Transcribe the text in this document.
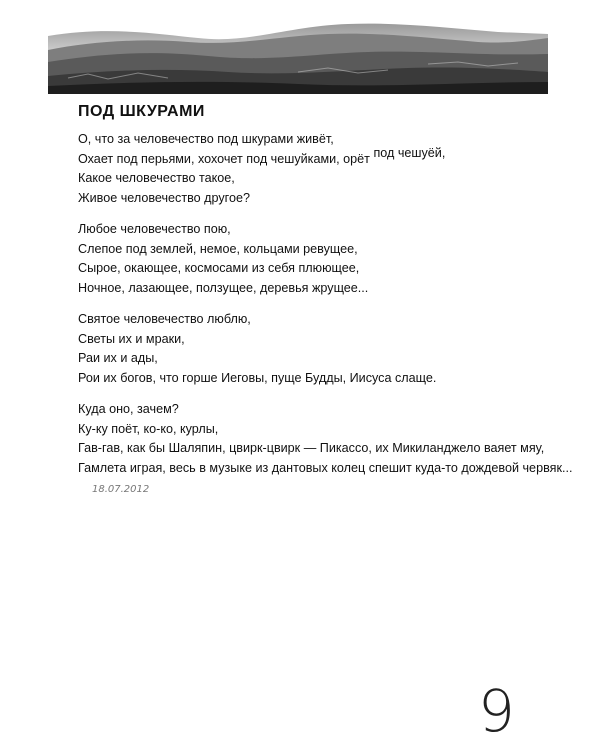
ПОД ШКУРАМИ
О, что за человечество под шкурами живёт,
Охает под перьями, хохочет под чешуйками, орёт под чешуёй,
Какое человечество такое,
Живое человечество другое?
Любое человечество пою,
Слепое под землей, немое, кольцами ревущее,
Сырое, окающее, космосами из себя плюющее,
Ночное, лазающее, ползущее, деревья жрущее...
Святое человечество люблю,
Светы их и мраки,
Раи их и ады,
Рои их богов, что горше Иеговы, пуще Будды, Иисуса слаще.
Куда оно, зачем?
Ку-ку поёт, ко-ко, курлы,
Гав-гав, как бы Шаляпин, цвирк-цвирк — Пикассо, их Микиланджело ваяет мяу,
Гамлета играя, весь в музыке из дантовых колец спешит куда-то дождевой червяк...
18.07.2012
9
